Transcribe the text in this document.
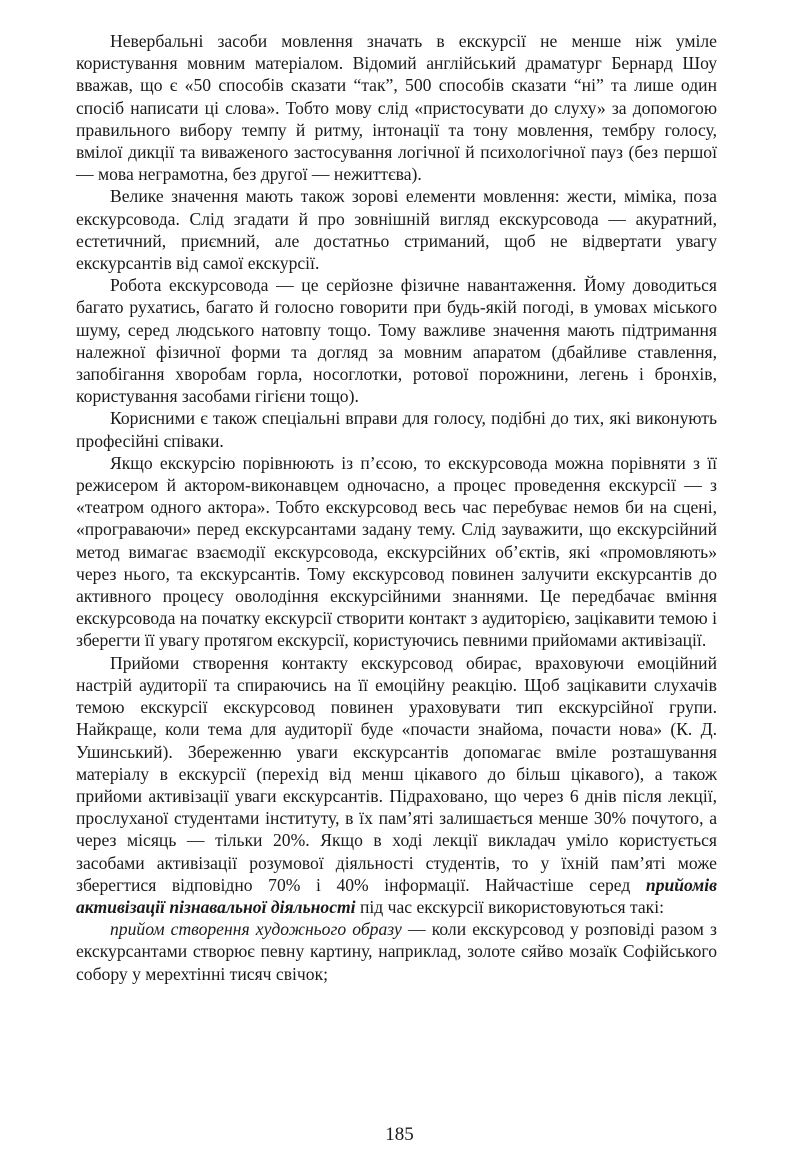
Невербальні засоби мовлення значать в екскурсії не менше ніж уміле користування мовним матеріалом. Відомий англійський драматург Бернард Шоу вважав, що є «50 способів сказати “так”, 500 способів сказати “ні” та лише один спосіб написати ці слова». Тобто мову слід «пристосувати до слуху» за допомогою правильного вибору темпу й ритму, інтонації та тону мовлення, тембру голосу, вмілої дикції та виваженого застосування логічної й психологічної пауз (без першої — мова неграмотна, без другої — нежиттєва).

Велике значення мають також зорові елементи мовлення: жести, міміка, поза екскурсовода. Слід згадати й про зовнішній вигляд екскурсовода — акуратний, естетичний, приємний, але достатньо стриманий, щоб не відвертати увагу екскурсантів від самої екскурсії.

Робота екскурсовода — це серйозне фізичне навантаження. Йому доводиться багато рухатись, багато й голосно говорити при будь-якій погоді, в умовах міського шуму, серед людського натовпу тощо. Тому важливе значення мають підтримання належної фізичної форми та догляд за мовним апаратом (дбайливе ставлення, запобігання хворобам горла, носоглотки, ротової порожнини, легень і бронхів, користування засобами гігієни тощо).

Корисними є також спеціальні вправи для голосу, подібні до тих, які виконують професійні співаки.

Якщо екскурсію порівнюють із п’єсою, то екскурсовода можна порівняти з її режисером й актором-виконавцем одночасно, а процес проведення екскурсії — з «театром одного актора». Тобто екскурсовод весь час перебуває немов би на сцені, «програваючи» перед екскурсантами задану тему. Слід зауважити, що екскурсійний метод вимагає взаємодії екскурсовода, екскурсійних об’єктів, які «промовляють» через нього, та екскурсантів. Тому екскурсовод повинен залучити екскурсантів до активного процесу оволодіння екскурсійними знаннями. Це передбачає вміння екскурсовода на початку екскурсії створити контакт з аудиторією, зацікавити темою і зберегти її увагу протягом екскурсії, користуючись певними прийомами активізації.

Прийоми створення контакту екскурсовод обирає, враховуючи емоційний настрій аудиторії та спираючись на її емоційну реакцію. Щоб зацікавити слухачів темою екскурсії екскурсовод повинен ураховувати тип екскурсійної групи. Найкраще, коли тема для аудиторії буде «почасти знайома, почасти нова» (К. Д. Ушинський). Збереженню уваги екскурсантів допомагає вміле розташування матеріалу в екскурсії (перехід від менш цікавого до більш цікавого), а також прийоми активізації уваги екскурсантів. Підраховано, що через 6 днів після лекції, прослуханої студентами інституту, в їх пам’яті залишається менше 30% почутого, а через місяць — тільки 20%. Якщо в ході лекції викладач уміло користується засобами активізації розумової діяльності студентів, то у їхній пам’яті може зберегтися відповідно 70% і 40% інформації. Найчастіше серед прийомів активізації пізнавальної діяльності під час екскурсії використовуються такі:

прийом створення художнього образу — коли екскурсовод у розповіді разом з екскурсантами створює певну картину, наприклад, золоте сяйво мозаїк Софійського собору у мерехтінні тисяч свічок;

185
